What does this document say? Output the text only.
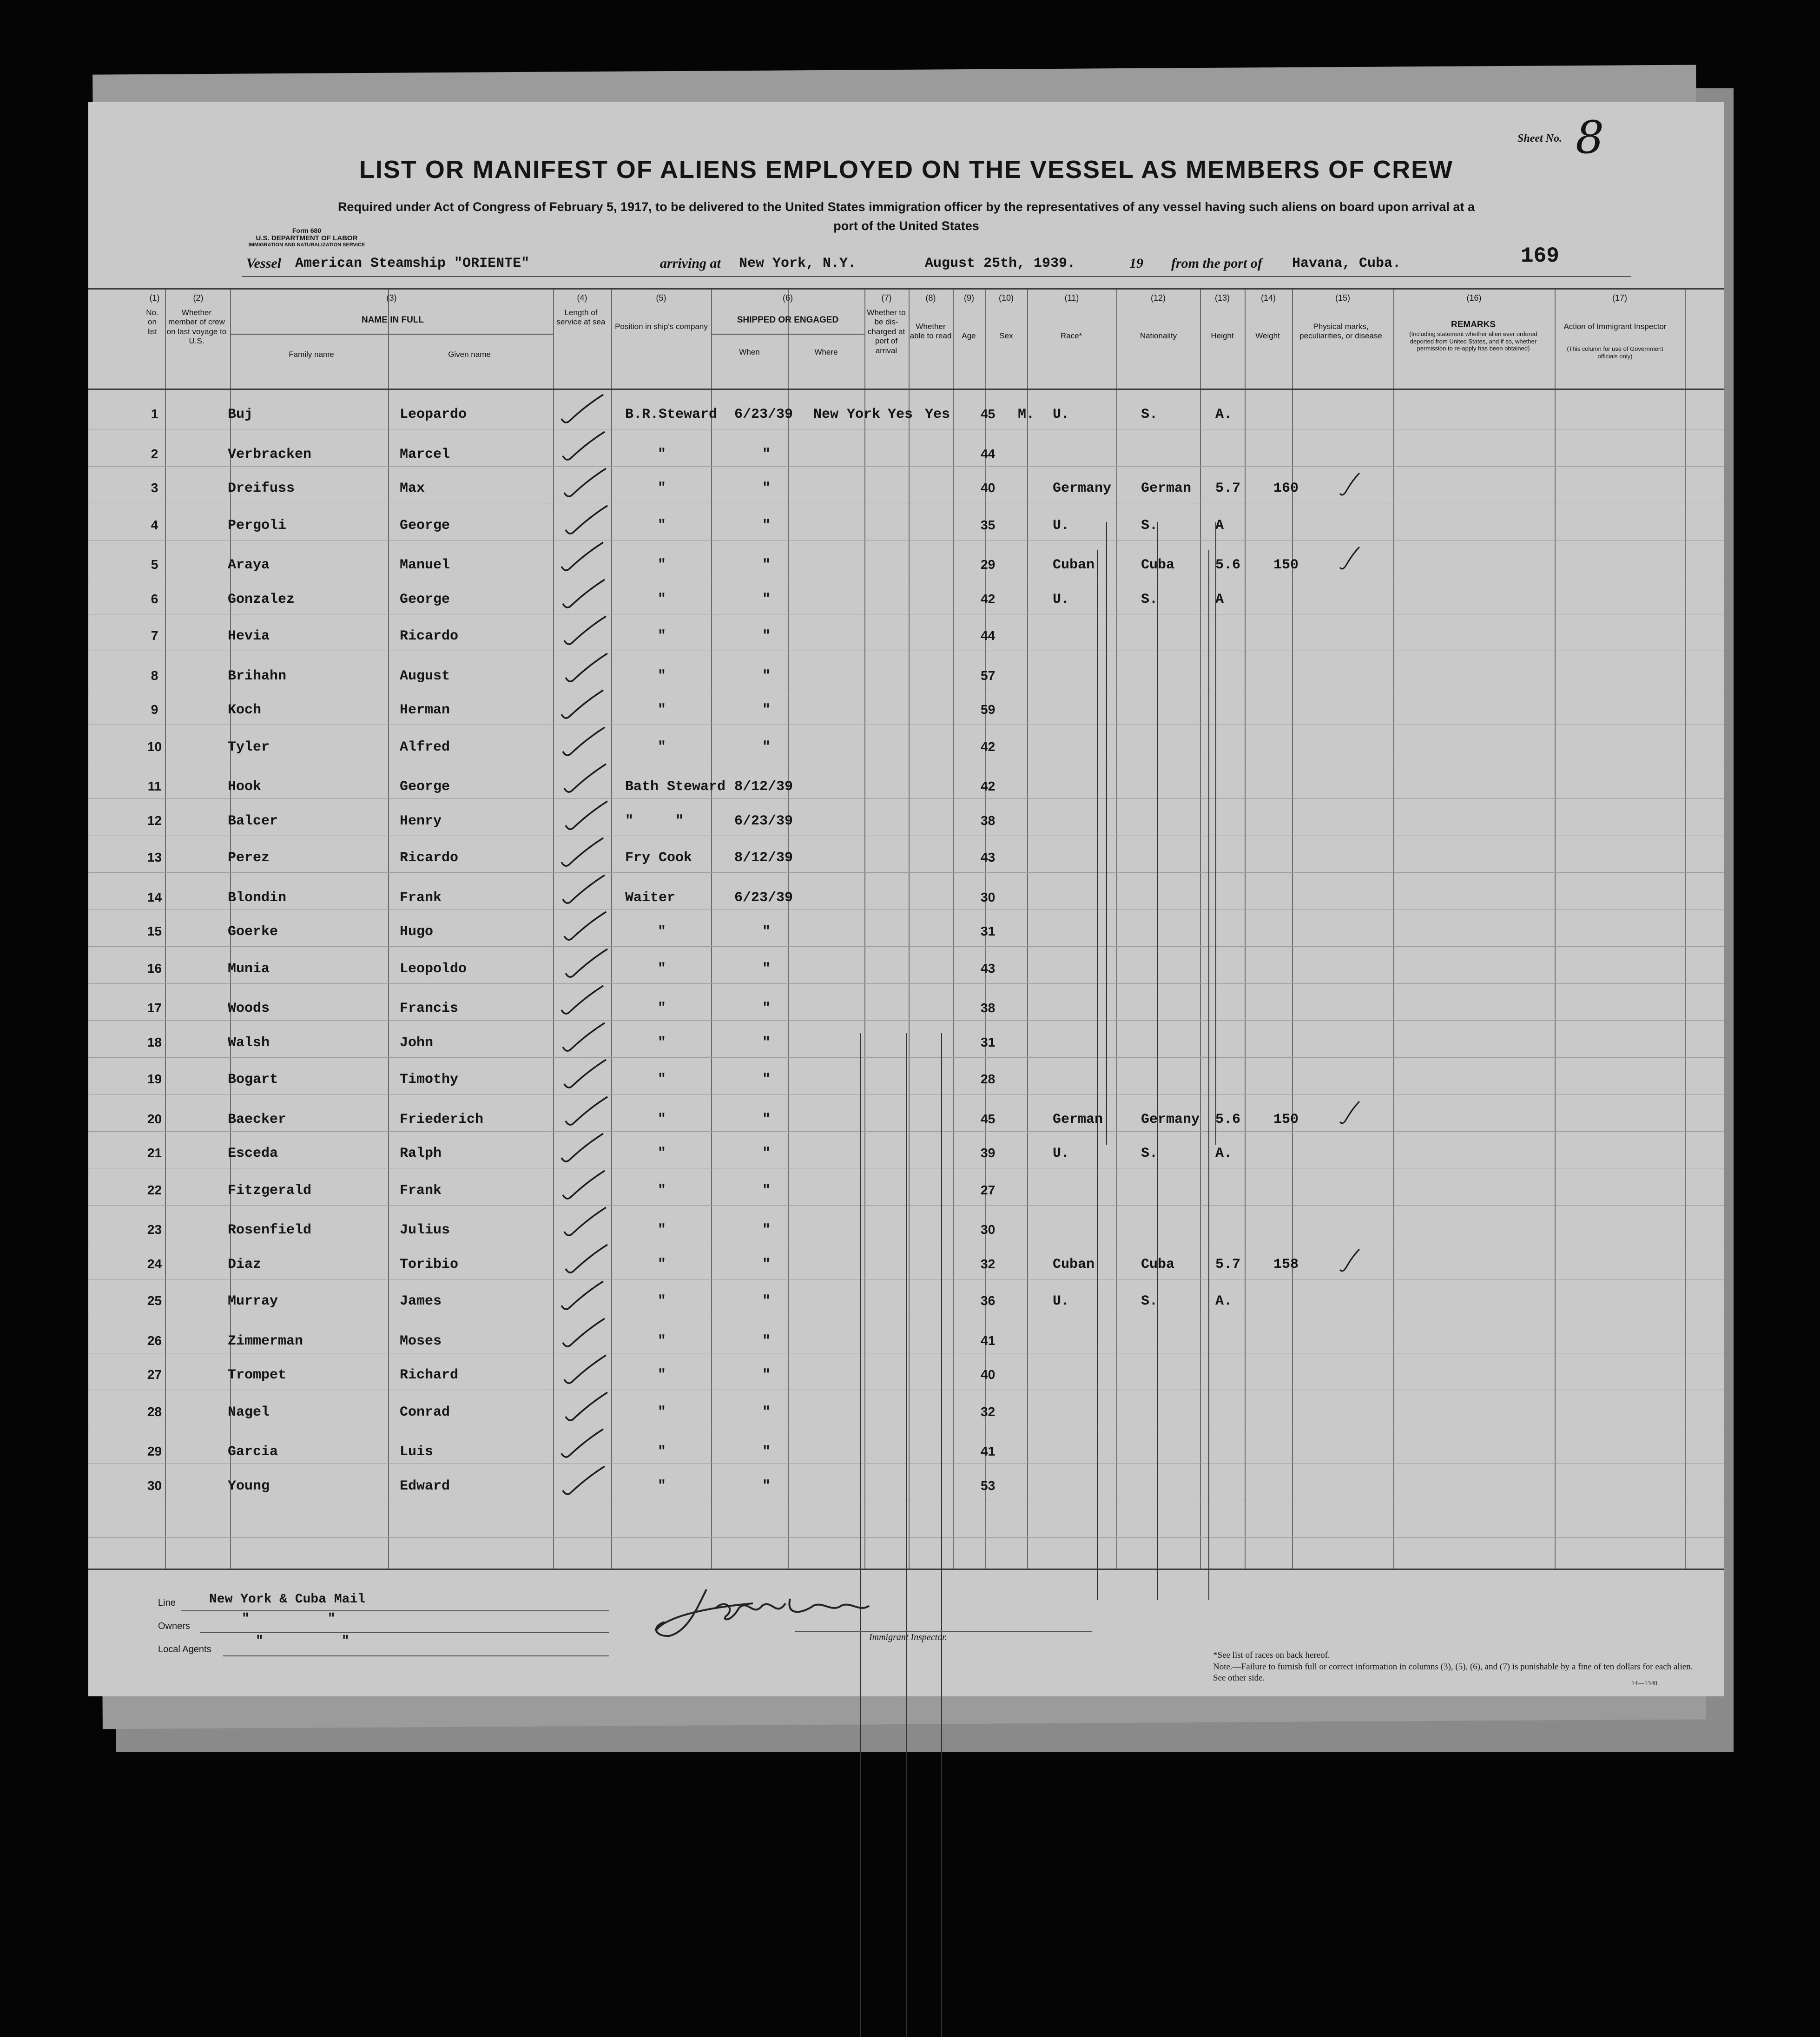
Form 680
U.S. DEPARTMENT OF LABOR
IMMIGRATION AND NATURALIZATION SERVICE
Sheet No. 8
LIST OR MANIFEST OF ALIENS EMPLOYED ON THE VESSEL AS MEMBERS OF CREW
Required under Act of Congress of February 5, 1917, to be delivered to the United States immigration officer by the representatives of any vessel having such aliens on board upon arrival at a
port of the United States
Vessel American Steamship "ORIENTE"	arriving at New York, N.Y.	August 25th, 1939.	19 from the port of Havana, Cuba.	169
(1)	(2)	(3)	(4)	(5)	(6)	(7)	(8)	(9)	(10)	(11)	(12)	(13)	(14)	(15)	(16)	(17)
No. on list
Whether member of crew on last voyage to U.S.
NAME IN FULL
Family name	Given name
Length of service at sea
Position in ship's company
SHIPPED OR ENGAGED
When	Where
Whether to be dis-charged at port of arrival
Whether able to read	Age	Sex	Race*	Nationality	Height	Weight
Physical marks, peculiarities, or disease
REMARKS
(Including statement whether alien ever ordered deported from United States, and if so, whether permission to re-apply has been obtained)
Action of Immigrant Inspector
(This column for use of Government officials only)
1	Buj	Leopardo	B.R.Steward 6/23/39 New York Yes Yes 45 M. U.	S.	A.
2	Verbracken	Marcel	"	"	44
3	Dreifuss	Max	"	"	40	Germany German 5.7 160
4	Pergoli	George	"	"	35	U.	S.	A
5	Araya	Manuel	"	"	29	Cuban	Cuba	5.6 150
6	Gonzalez	George	"	"	42	U.	S.	A
7	Hevia	Ricardo	"	"	44
8	Brihahn	August	"	"	57
9	Koch	Herman	"	"	59
10	Tyler	Alfred	"	"	42
11	Hook	George	Bath Steward 8/12/39	42
12	Balcer	Henry	"     "	6/23/39	38
13	Perez	Ricardo	Fry Cook	8/12/39	43
14	Blondin	Frank	Waiter	6/23/39	30
15	Goerke	Hugo	"	"	31
16	Munia	Leopoldo	"	"	43
17	Woods	Francis	"	"	38
18	Walsh	John	"	"	31
19	Bogart	Timothy	"	"	28
20	Baecker	Friederich	"	"	45	German	Germany 5.6 150
21	Esceda	Ralph	"	"	39	U.	S.	A.
22	Fitzgerald	Frank	"	"	27
23	Rosenfield	Julius	"	"	30
24	Diaz	Toribio	"	"	32	Cuban	Cuba	5.7 158
25	Murray	James	"	"	36	U.	S.	A.
26	Zimmerman	Moses	"	"	41
27	Trompet	Richard	"	"	40
28	Nagel	Conrad	"	"	32
29	Garcia	Luis	"	"	41
30	Young	Edward	"	"	53
Line	New York & Cuba Mail
Owners	"          "
Local Agents
"          "	Immigrant Inspector.
*See list of races on back hereof.
Note.—Failure to furnish full or correct information in columns (3), (5), (6), and (7) is punishable by a fine of ten dollars for each alien. See other side.
14—1340
